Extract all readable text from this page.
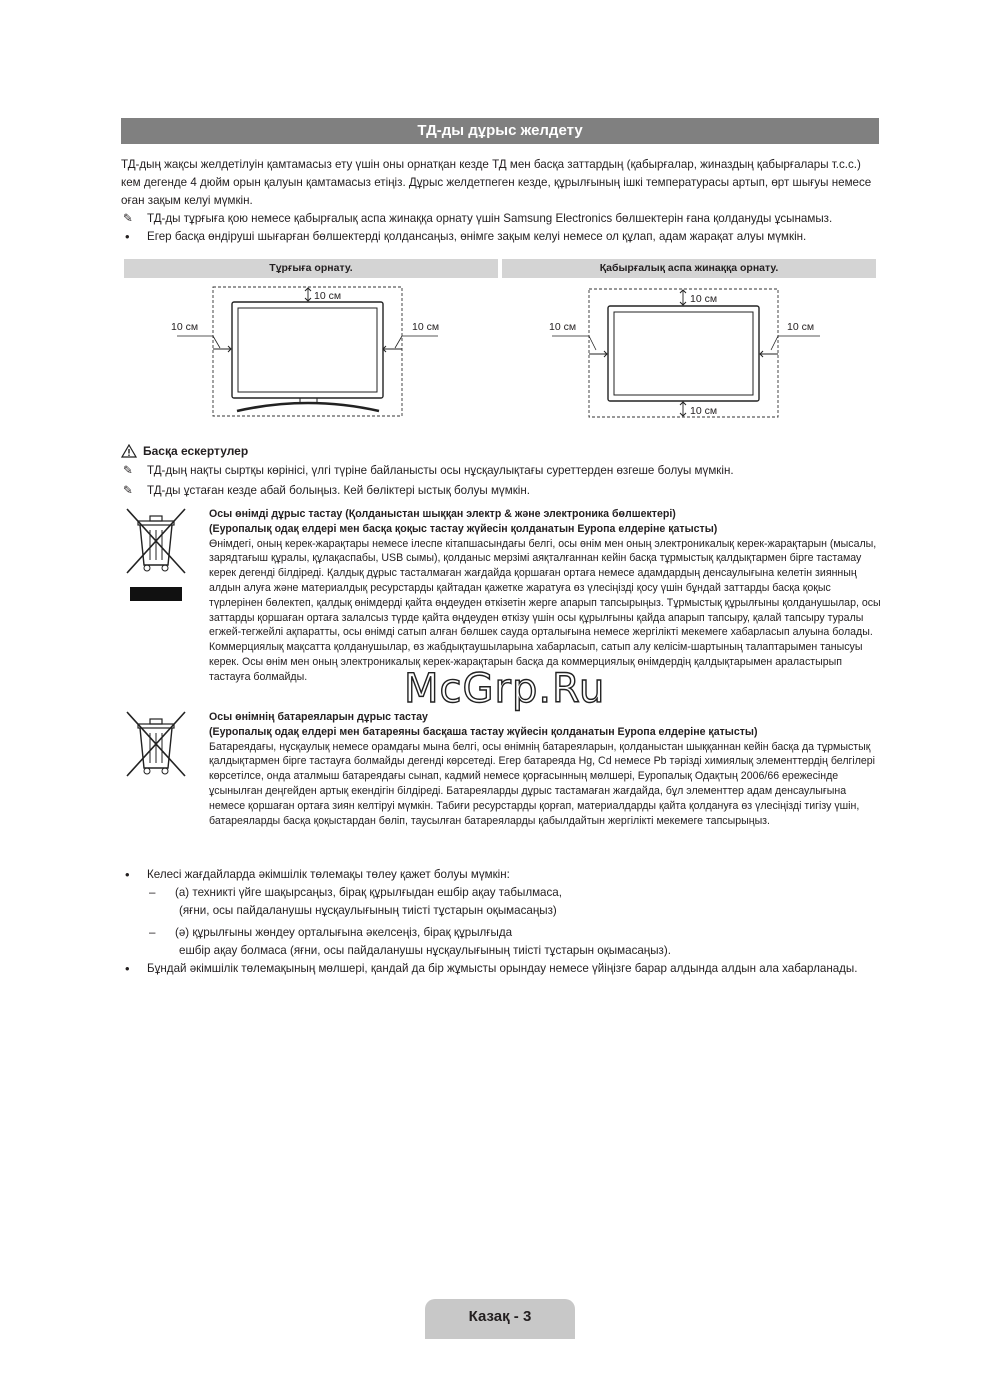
ТД-ды дұрыс желдету

ТД-дың жақсы желдетілуін қамтамасыз ету үшін оны орнатқан кезде ТД мен басқа заттардың (қабырғалар, жиназдың қабырғалары т.с.с.) кем дегенде 4 дюйм орын қалуын қамтамасыз етіңіз. Дұрыс желдетпеген кезде, құрылғының ішкі температурасы артып, өрт шығуы немесе оған зақым келуі мүмкін.

✎ ТД-ды тұрғыға қою немесе қабырғалық аспа жинаққа орнату үшін Samsung Electronics бөлшектерін ғана қолдануды ұсынамыз.

• Егер басқа өндіруші шығарған бөлшектерді қолдансаңыз, өнімге зақым келуі немесе ол құлап, адам жарақат алуы мүмкін.

Тұрғыға орнату.	Қабырғалық аспа жинаққа орнату.
10 см
10 см	10 см
10 см
10 см	10 см
10 см
Басқа ескертулер

✎ ТД-дың нақты сыртқы көрінісі, үлгі түріне байланысты осы нұсқаулықтағы суреттерден өзгеше болуы мүмкін.

✎ ТД-ды ұстаған кезде абай болыңыз. Кей бөліктері ыстық болуы мүмкін.

Осы өнімді дұрыс тастау (Қолданыстан шыққан электр & және электроника бөлшектері)

(Еуропалық одақ елдері мен басқа қоқыс тастау жүйесін қолданатын Еуропа елдеріне қатысты)

Өнімдегі, оның керек-жарақтары немесе ілеспе кітапшасындағы белгі, осы өнім мен оның электроникалық керек-жарақтарын (мысалы, зарядтағыш құралы, құлақаспабы, USB сымы), қолданыс мерзімі аяқталғаннан кейін басқа тұрмыстық қалдықтармен бірге тастамау керек дегенді білдіреді. Қалдық дұрыс тасталмаған жағдайда қоршаған ортаға немесе адамдардың денсаулығына келетін зиянның алдын алуға және материалдық ресурстарды қайтадан қажетке жаратуға өз үлесіңізді қосу үшін бұндай заттарды басқа қоқыс түрлерінен бөлектеп, қалдық өнімдерді қайта өңдеуден өткізетін жерге апарып тапсырыңыз. Тұрмыстық құрылғыны қолданушылар, осы заттарды қоршаған ортаға залалсыз түрде қайта өңдеуден өткізу үшін осы құрылғыны қайда апарып тапсыру, қалай тапсыру туралы егжей-тегжейлі ақпаратты, осы өнімді сатып алған бөлшек сауда орталығына немесе жергілікті мекемеге хабарласып алуына болады. Коммерциялық мақсатта қолданушылар, өз жабдықтаушыларына хабарласып, сатып алу келісім-шартының талаптарымен танысуы керек. Осы өнім мен оның электроникалық керек-жарақтарын басқа да коммерциялық өнімдердің қалдықтарымен араластырып тастауға болмайды.

Осы өнімнің батареяларын дұрыс тастау

(Еуропалық одақ елдері мен батареяны басқаша тастау жүйесін қолданатын Еуропа елдеріне қатысты)

Батареядағы, нұсқаулық немесе орамдағы мына белгі, осы өнімнің батареяларын, қолданыстан шыққаннан кейін басқа да тұрмыстық қалдықтармен бірге тастауға болмайды дегенді көрсетеді. Егер батареяда Hg, Cd немесе Pb тәрізді химиялық элементтердің белгілері көрсетілсе, онда аталмыш батареядағы сынап, кадмий немесе қорғасынның мөлшері, Еуропалық Одақтың 2006/66 ережесінде ұсынылған деңгейден артық екендігін білдіреді. Батареяларды дұрыс тастамаған жағдайда, бұл элементтер адам денсаулығына немесе қоршаған ортаға зиян келтіруі мүмкін. Табиғи ресурстарды қорғап, материалдарды қайта қолдануға өз үлесіңізді тигізу үшін, батареяларды басқа қоқыстардан бөліп, таусылған батареяларды қабылдайтын жергілікті мекемеге тапсырыңыз.

• Келесі жағдайларда әкімшілік төлемақы төлеу қажет болуы мүмкін:

– (а) техникті үйге шақырсаңыз, бірақ құрылғыдан ешбір ақау табылмаса,
(яғни, осы пайдаланушы нұсқаулығының тиісті тұстарын оқымасаңыз)

– (ә) құрылғыны жөндеу орталығына әкелсеңіз, бірақ құрылғыда
ешбір ақау болмаса (яғни, осы пайдаланушы нұсқаулығының тиісті тұстарын оқымасаңыз).

• Бұндай әкімшілік төлемақының мөлшері, қандай да бір жұмысты орындау немесе үйіңізге барар алдында алдын ала хабарланады.

McGrp.Ru
Казақ - 3
